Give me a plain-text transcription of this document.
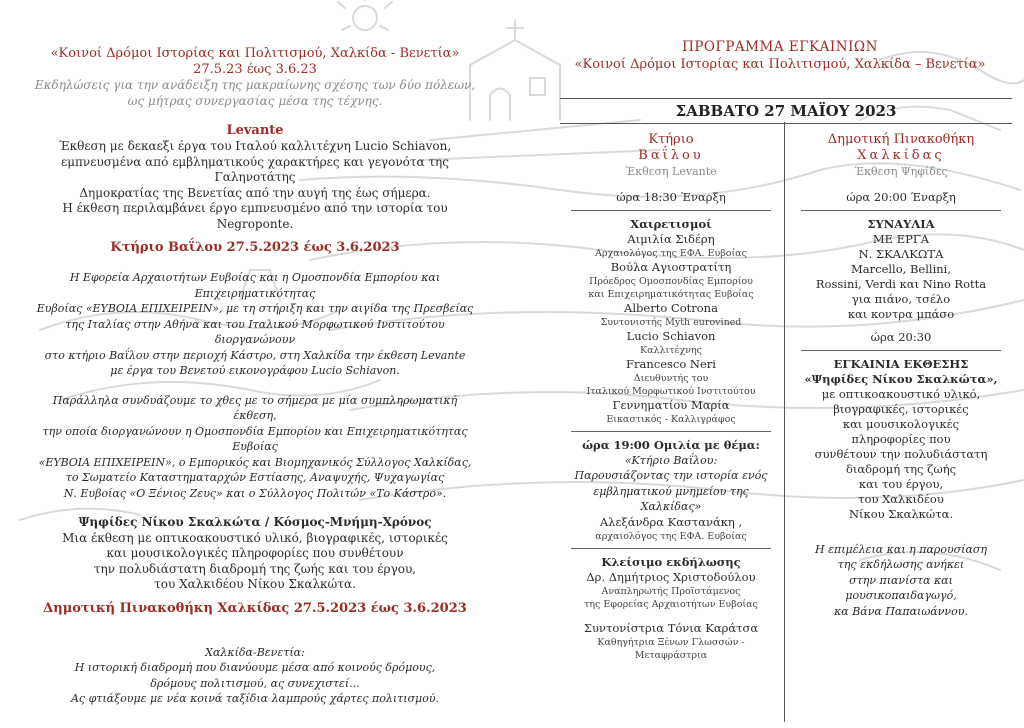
«Κοινοί Δρόμοι Ιστορίας και Πολιτισμού, Χαλκίδα - Βενετία»

27.5.23 έως 3.6.23

Εκδηλώσεις για την ανάδειξη της μακραίωνης σχέσης των δύο πόλεων,

ως μήτρας συνεργασίας μέσα της τέχνης.

Levante

Έκθεση με δεκαεξι έργα του Ιταλού καλλιτέχνη Lucio Schiavon,

εμπνευσμένα από εμβληματικούς χαρακτήρες και γεγονότα της Γαληνοτάτης

Δημοκρατίας της Βενετίας από την αυγή της έως σήμερα.

Η έκθεση περιλαμβάνει έργο εμπνευσμένο από την ιστορία του Negroponte.

Κτήριο Βαΐλου 27.5.2023 έως 3.6.2023

Η Εφορεία Αρχαιοτήτων Ευβοίας και η Ομοσπονδία Εμπορίου και Επιχειρηματικότητας

Ευβοίας «ΕΥΒΟΙΑ ΕΠΙΧΕΙΡΕΙΝ», με τη στήριξη και την αιγίδα της Πρεσβείας

της Ιταλίας στην Αθήνα και του Ιταλικού Μορφωτικού Ινστιτούτου διοργανώνουν

στο κτήριο Βαΐλου στην περιοχή Κάστρο, στη Χαλκίδα την έκθεση Levante

με έργα του Βενετού εικονογράφου Lucio Schiavon.

Παράλληλα συνδυάζουμε το χθες με το σήμερα με μία συμπληρωματική έκθεση,

την οποία διοργανώνουν η Ομοσπονδία Εμπορίου και Επιχειρηματικότητας Ευβοίας

«ΕΥΒΟΙΑ ΕΠΙΧΕΙΡΕΙΝ», ο Εμπορικός και Βιομηχανικός Σύλλογος Χαλκίδας,

το Σωματείο Καταστηματαρχών Εστίασης, Αναψυχής, Ψυχαγωγίας

Ν. Ευβοίας «Ο Ξένιος Ζευς» και ο Σύλλογος Πολιτών «Το Κάστρο».

Ψηφίδες Νίκου Σκαλκώτα / Κόσμος-Μνήμη-Χρόνος

Μια έκθεση με οπτικοακουστικό υλικό, βιογραφικές, ιστορικές

και μουσικολογικές πληροφορίες που συνθέτουν

την πολυδιάστατη διαδρομή της ζωής και του έργου,

του Χαλκιδέου Νίκου Σκαλκώτα.

Δημοτική Πινακοθήκη Χαλκίδας 27.5.2023 έως 3.6.2023

Χαλκίδα-Βενετία:

Η ιστορική διαδρομή που διανύουμε μέσα από κοινούς δρόμους,

δρόμους πολιτισμού, ας συνεχιστεί...

Ας φτιάξουμε με νέα κοινά ταξίδια λαμπρούς χάρτες πολιτισμού.

ΠΡΟΓΡΑΜΜΑ ΕΓΚΑΙΝΙΩΝ
«Κοινοί Δρόμοι Ιστορίας και Πολιτισμού, Χαλκίδα – Βενετία»
ΣΑΒΒΑΤΟ 27 ΜΑΪΟΥ 2023

Κτήριο

Βαΐλου

Έκθεση Levante

ώρα 18:30 Έναρξη

Χαιρετισμοί

Αιμιλία Σιδέρη

Αρχαιολόγος της ΕΦΑ. Ευβοίας

Βούλα Αγιοστρατίτη

Πρόεδρος Ομοσπονδίας Εμπορίου

και Επιχειρηματικότητας Ευβοίας

Alberto Cotrona

Συντονιστής Myth eurovined

Lucio Schiavon

Καλλιτέχνης

Francesco Neri

Διευθυντής του

Ιταλικού Μορφωτικού Ινστιτούτου

Γεννηματίου Μαρία

Εικαστικός - Καλλιγράφος

ώρα 19:00 Ομιλία με θέμα:

«Κτήριο Βαΐλου:

Παρουσιάζοντας την ιστορία ενός

εμβληματικού μνημείου της Χαλκίδας»

Αλεξάνδρα Καστανάκη ,

αρχαιολόγος της ΕΦΑ. Ευβοίας

Κλείσιμο εκδήλωσης

Δρ. Δημήτριος Χριστοδούλου

Αναπληρωτής Προϊστάμενος

της Εφορείας Αρχαιοτήτων Ευβοίας

Συντονίστρια Τόνια Καράτσα

Καθηγήτρια Ξένων Γλωσσών - Μεταφράστρια

Δημοτική Πινακοθήκη

Χαλκίδας

Έκθεση Ψηφίδες

ώρα 20:00 Έναρξη

ΣΥΝΑΥΛΙΑ

ΜΕ ΕΡΓΑ

Ν. ΣΚΑΛΚΩΤΑ

Marcello, Bellini,

Rossini, Verdi και Nino Rotta

για πιάνο, τσέλο

και κοντρα μπάσο

ώρα 20:30

ΕΓΚΑΙΝΙΑ ΕΚΘΕΣΗΣ

«Ψηφίδες Νίκου Σκαλκώτα»,

με οπτικοακουστικό υλικό,

βιογραφικές, ιστορικές

και μουσικολογικές

πληροφορίες που

συνθέτουν την πολυδιάστατη

διαδρομή της ζωής

και του έργου,

του Χαλκιδέου

Νίκου Σκαλκώτα.

Η επιμέλεια και η παρουσίαση

της εκδήλωσης ανήκει

στην πιανίστα και

μουσικοπαιδαγωγό,

κα Βάνα Παπαιωάννου.
